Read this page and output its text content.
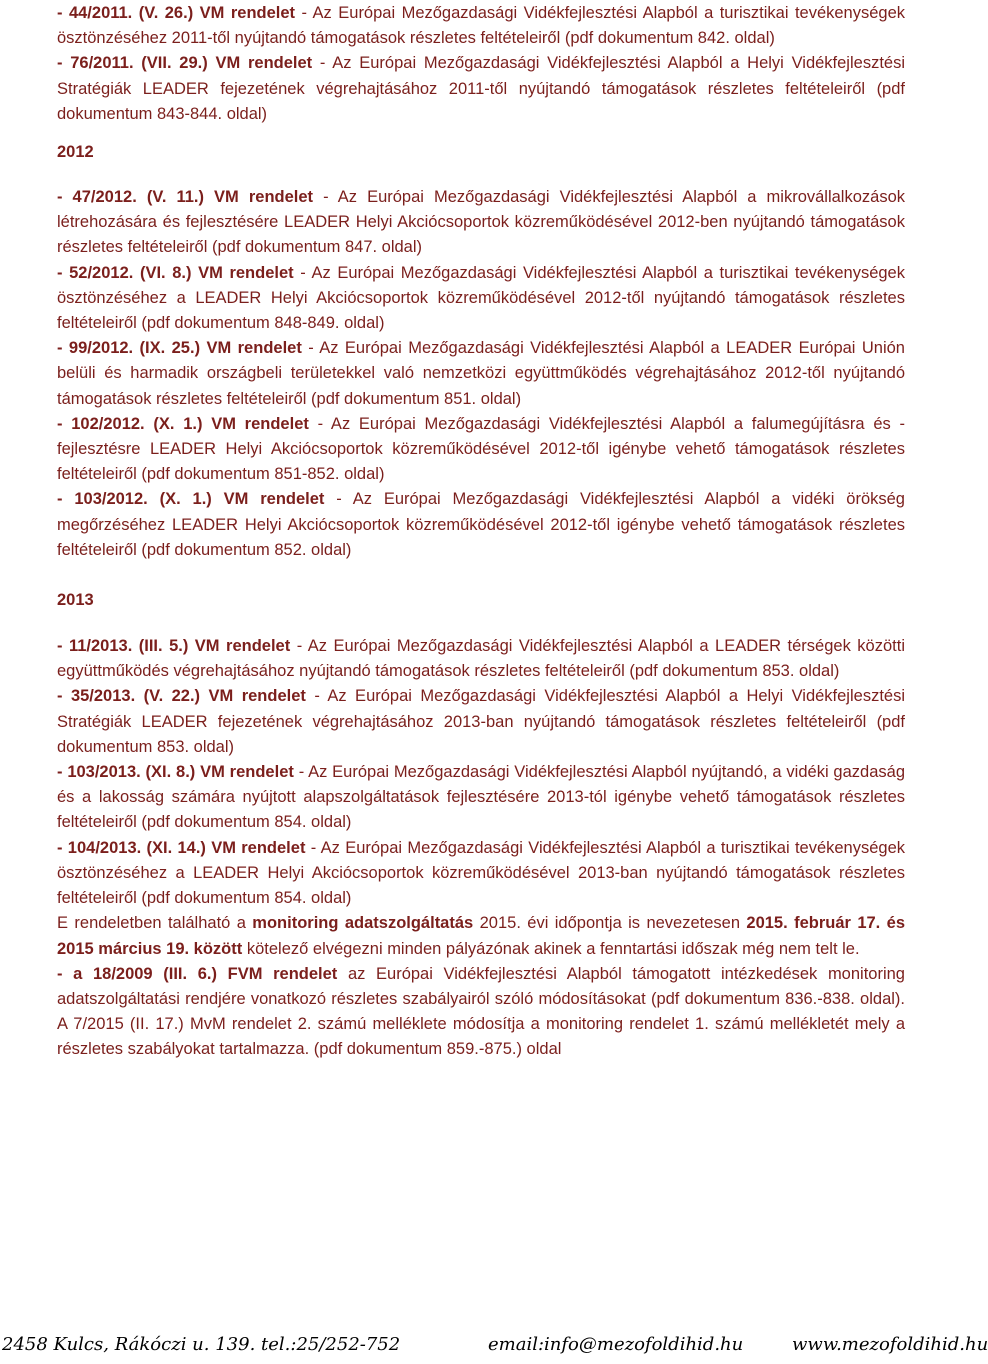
- 44/2011. (V. 26.) VM rendelet - Az Európai Mezőgazdasági Vidékfejlesztési Alapból a turisztikai tevékenységek ösztönzéséhez 2011-től nyújtandó támogatások részletes feltételeiről (pdf dokumentum 842. oldal)

- 76/2011. (VII. 29.) VM rendelet - Az Európai Mezőgazdasági Vidékfejlesztési Alapból a Helyi Vidékfejlesztési Stratégiák LEADER fejezetének végrehajtásához 2011-től nyújtandó támogatások részletes feltételeiről (pdf dokumentum 843-844. oldal)

2012

- 47/2012. (V. 11.) VM rendelet - Az Európai Mezőgazdasági Vidékfejlesztési Alapból a mikrovállalkozások létrehozására és fejlesztésére LEADER Helyi Akciócsoportok közreműködésével 2012-ben nyújtandó támogatások részletes feltételeiről (pdf dokumentum 847. oldal)

- 52/2012. (VI. 8.) VM rendelet - Az Európai Mezőgazdasági Vidékfejlesztési Alapból a turisztikai tevékenységek ösztönzéséhez a LEADER Helyi Akciócsoportok közreműködésével 2012-től nyújtandó támogatások részletes feltételeiről (pdf dokumentum 848-849. oldal)

- 99/2012. (IX. 25.) VM rendelet - Az Európai Mezőgazdasági Vidékfejlesztési Alapból a LEADER Európai Unión belüli és harmadik országbeli területekkel való nemzetközi együttműködés végrehajtásához 2012-től nyújtandó támogatások részletes feltételeiről (pdf dokumentum 851. oldal)

- 102/2012. (X. 1.) VM rendelet - Az Európai Mezőgazdasági Vidékfejlesztési Alapból a falumegújításra és -fejlesztésre LEADER Helyi Akciócsoportok közreműködésével 2012-től igénybe vehető támogatások részletes feltételeiről (pdf dokumentum 851-852. oldal)

- 103/2012. (X. 1.) VM rendelet - Az Európai Mezőgazdasági Vidékfejlesztési Alapból a vidéki örökség megőrzéséhez LEADER Helyi Akciócsoportok közreműködésével 2012-től igénybe vehető támogatások részletes feltételeiről (pdf dokumentum 852. oldal)

2013

- 11/2013. (III. 5.) VM rendelet - Az Európai Mezőgazdasági Vidékfejlesztési Alapból a LEADER térségek közötti együttműködés végrehajtásához nyújtandó támogatások részletes feltételeiről (pdf dokumentum 853. oldal)

- 35/2013. (V. 22.) VM rendelet - Az Európai Mezőgazdasági Vidékfejlesztési Alapból a Helyi Vidékfejlesztési Stratégiák LEADER fejezetének végrehajtásához 2013-ban nyújtandó támogatások részletes feltételeiről (pdf dokumentum 853. oldal)

- 103/2013. (XI. 8.) VM rendelet - Az Európai Mezőgazdasági Vidékfejlesztési Alapból nyújtandó, a vidéki gazdaság és a lakosság számára nyújtott alapszolgáltatások fejlesztésére 2013-tól igénybe vehető támogatások részletes feltételeiről (pdf dokumentum 854. oldal)

- 104/2013. (XI. 14.) VM rendelet - Az Európai Mezőgazdasági Vidékfejlesztési Alapból a turisztikai tevékenységek ösztönzéséhez a LEADER Helyi Akciócsoportok közreműködésével 2013-ban nyújtandó támogatások részletes feltételeiről (pdf dokumentum 854. oldal)

E rendeletben található a monitoring adatszolgáltatás 2015. évi időpontja is nevezetesen 2015. február 17. és 2015 március 19. között kötelező elvégezni minden pályázónak akinek a fenntartási időszak még nem telt le.

- a 18/2009 (III. 6.) FVM rendelet az Európai Vidékfejlesztési Alapból támogatott intézkedések monitoring adatszolgáltatási rendjére vonatkozó részletes szabályairól szóló módosításokat (pdf dokumentum 836.-838. oldal). A 7/2015 (II. 17.) MvM rendelet 2. számú melléklete módosítja a monitoring rendelet 1. számú mellékletét mely a részletes szabályokat tartalmazza. (pdf dokumentum 859.-875.) oldal

2458 Kulcs, Rákóczi u. 139. tel.:25/252-752	email:info@mezofoldihid.hu	www.mezofoldihid.hu
